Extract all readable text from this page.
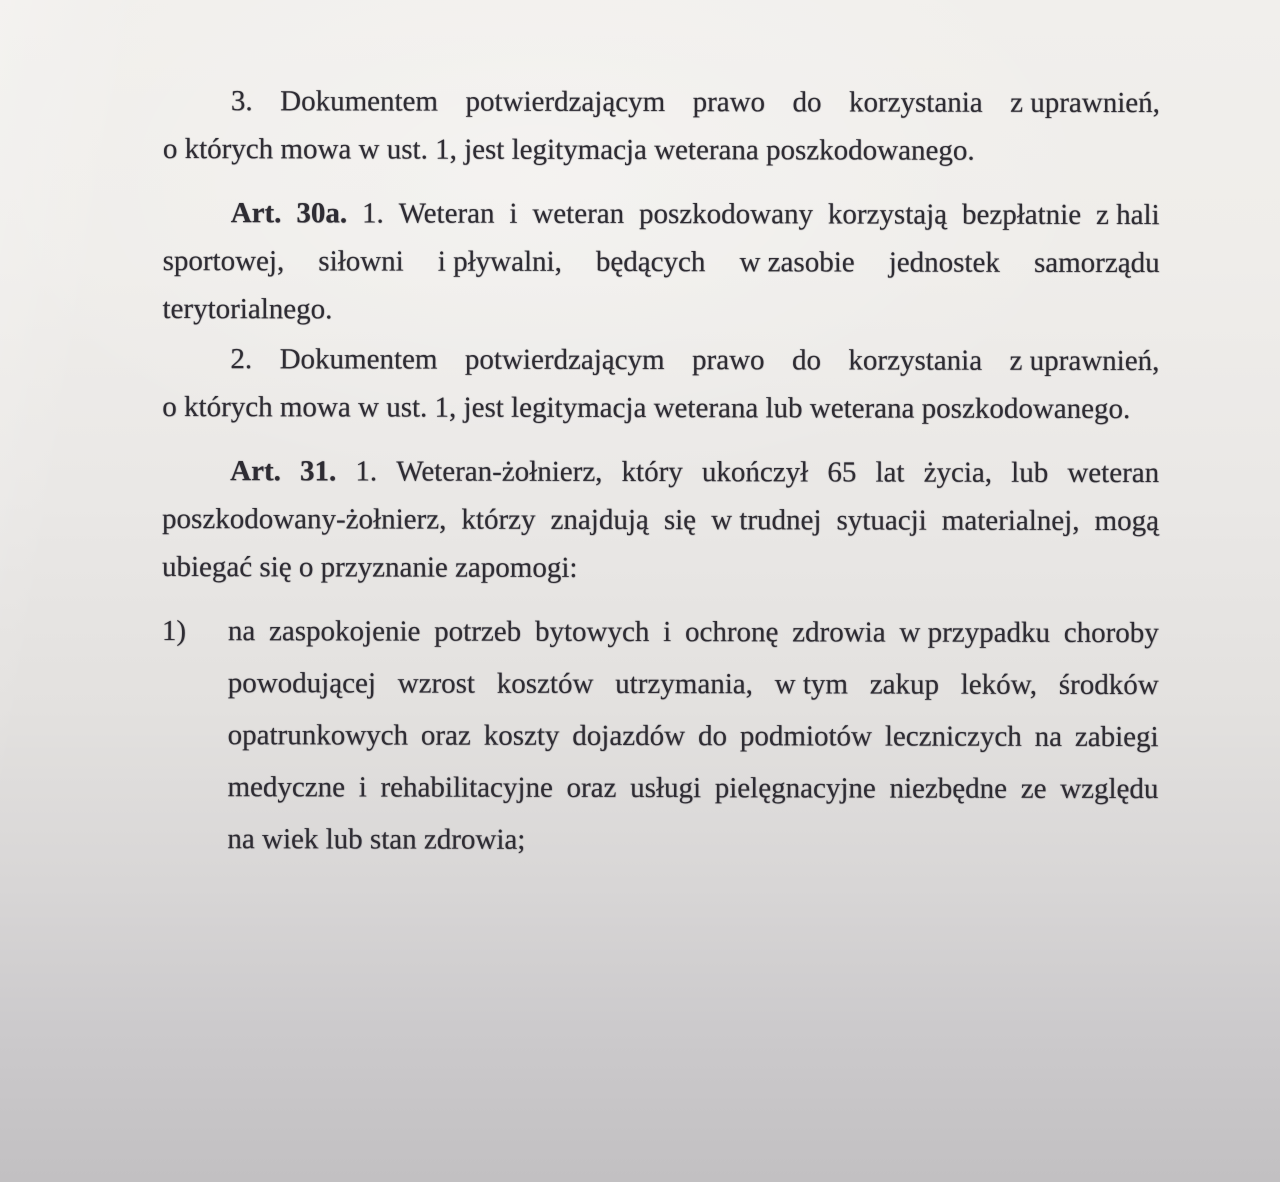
3. Dokumentem potwierdzającym prawo do korzystania z uprawnień,
o których mowa w ust. 1, jest legitymacja weterana poszkodowanego.
Art. 30a. 1. Weteran i weteran poszkodowany korzystają bezpłatnie z hali
sportowej, siłowni i pływalni, będących w zasobie jednostek samorządu
terytorialnego.
2. Dokumentem potwierdzającym prawo do korzystania z uprawnień,
o których mowa w ust. 1, jest legitymacja weterana lub weterana poszkodowanego.
Art. 31. 1. Weteran-żołnierz, który ukończył 65 lat życia, lub weteran
poszkodowany-żołnierz, którzy znajdują się w trudnej sytuacji materialnej, mogą
ubiegać się o przyznanie zapomogi:
1)	na zaspokojenie potrzeb bytowych i ochronę zdrowia w przypadku choroby
powodującej wzrost kosztów utrzymania, w tym zakup leków, środków
opatrunkowych oraz koszty dojazdów do podmiotów leczniczych na zabiegi
medyczne i rehabilitacyjne oraz usługi pielęgnacyjne niezbędne ze względu
na wiek lub stan zdrowia;
